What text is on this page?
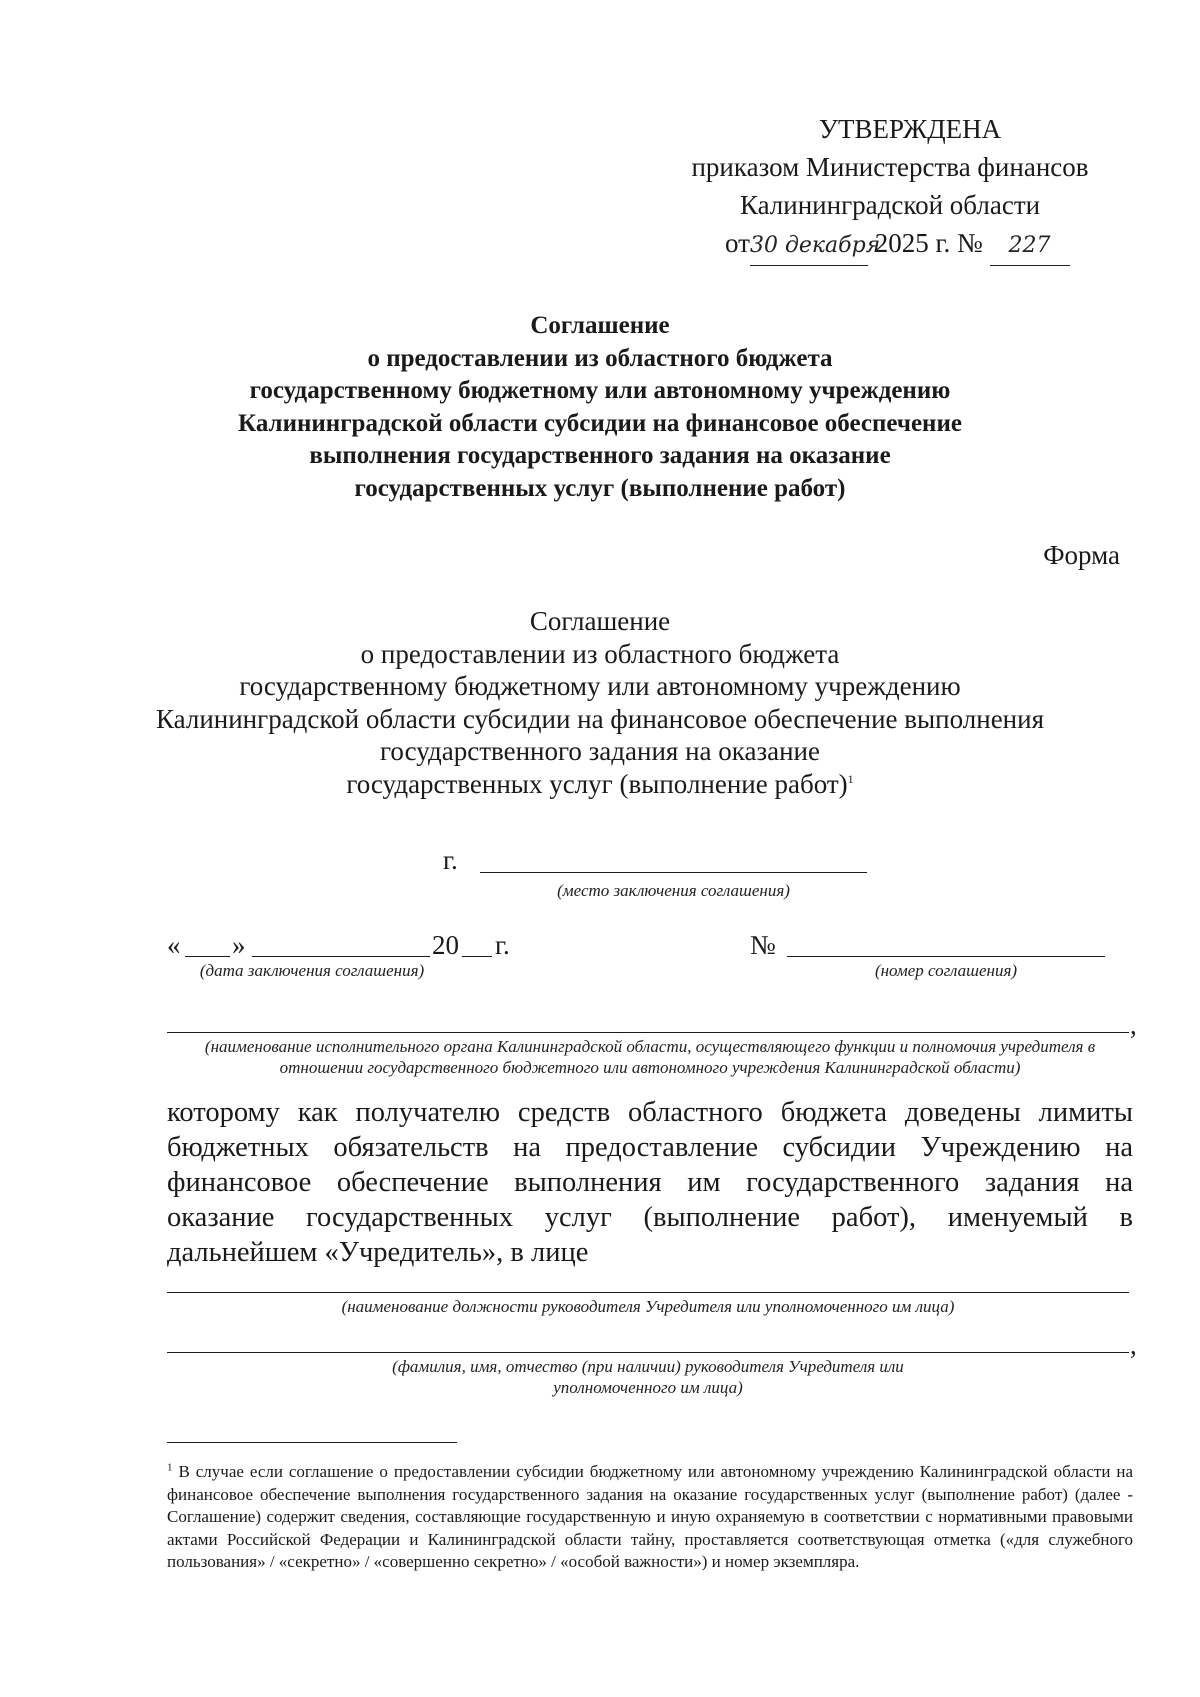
УТВЕРЖДЕНА
приказом Министерства финансов
Калининградской области
от30 декабря 2025 г. № 227
Соглашение
о предоставлении из областного бюджета
государственному бюджетному или автономному учреждению
Калининградской области субсидии на финансовое обеспечение
выполнения государственного задания на оказание
государственных услуг (выполнение работ)
Форма
Соглашение
о предоставлении из областного бюджета
государственному бюджетному или автономному учреждению
Калининградской области субсидии на финансовое обеспечение выполнения
государственного задания на оказание
государственных услуг (выполнение работ)$^1$
г.
(место заключения соглашения)
« »	20 г.
(дата заключения соглашения)
№
(номер соглашения)
,
(наименование исполнительного органа Калининградской области, осуществляющего функции и полномочия учредителя в отношении государственного бюджетного или автономного учреждения Калининградской области)
которому как получателю средств областного бюджета доведены лимиты бюджетных обязательств на предоставление субсидии Учреждению на финансовое обеспечение выполнения им государственного задания на оказание государственных услуг (выполнение работ), именуемый в дальнейшем «Учредитель», в лице
(наименование должности руководителя Учредителя или уполномоченного им лица)
,
(фамилия, имя, отчество (при наличии) руководителя Учредителя или
уполномоченного им лица)
$^1$ В случае если соглашение о предоставлении субсидии бюджетному или автономному учреждению Калининградской области на финансовое обеспечение выполнения государственного задания на оказание государственных услуг (выполнение работ) (далее - Соглашение) содержит сведения, составляющие государственную и иную охраняемую в соответствии с нормативными правовыми актами Российской Федерации и Калининградской области тайну, проставляется соответствующая отметка («для служебного пользования» / «секретно» / «совершенно секретно» / «особой важности») и номер экземпляра.
